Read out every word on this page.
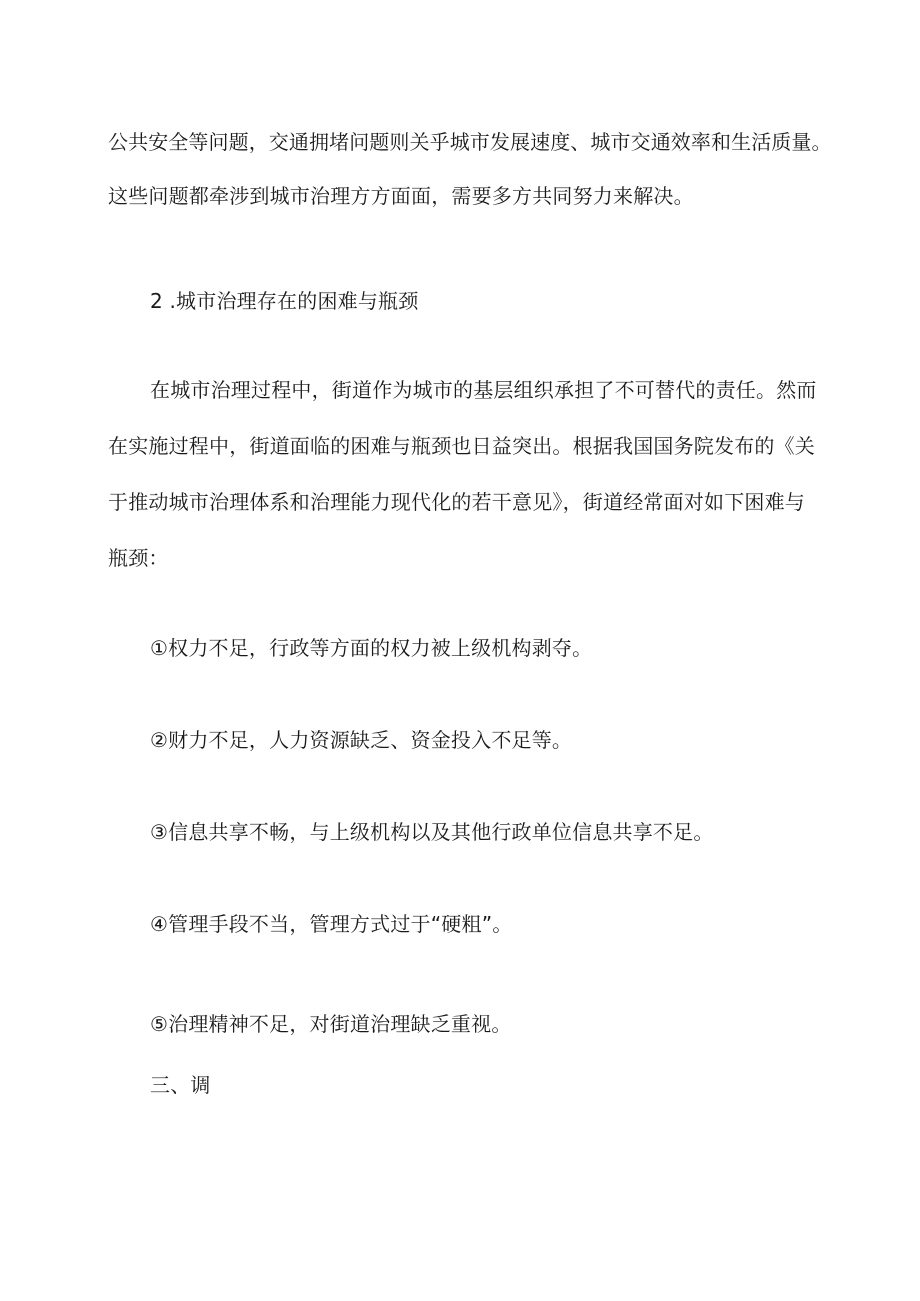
公共安全等问题，交通拥堵问题则关乎城市发展速度、城市交通效率和生活质量。

这些问题都牵涉到城市治理方方面面，需要多方共同努力来解决。

2 .城市治理存在的困难与瓶颈

在城市治理过程中，街道作为城市的基层组织承担了不可替代的责任。然而

在实施过程中，街道面临的困难与瓶颈也日益突出。根据我国国务院发布的《关

于推动城市治理体系和治理能力现代化的若干意见》，街道经常面对如下困难与

瓶颈：

①权力不足，行政等方面的权力被上级机构剥夺。

②财力不足，人力资源缺乏、资金投入不足等。

③信息共享不畅，与上级机构以及其他行政单位信息共享不足。

④管理手段不当，管理方式过于“硬粗”。

⑤治理精神不足，对街道治理缺乏重视。

三、调
